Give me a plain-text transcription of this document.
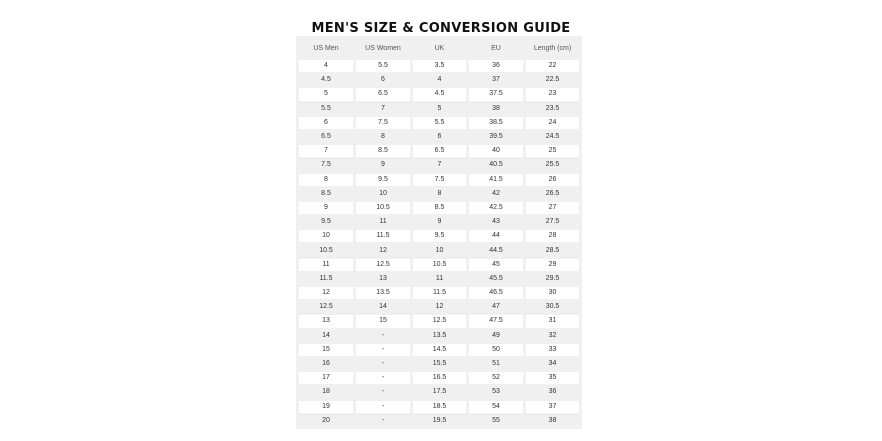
MEN'S SIZE & CONVERSION GUIDE
US Men	US Women	UK	EU	Length (cm)
4	5.5	3.5	36	22
4.5	6	4	37	22.5
5	6.5	4.5	37.5	23
5.5	7	5	38	23.5
6	7.5	5.5	38.5	24
6.5	8	6	39.5	24.5
7	8.5	6.5	40	25
7.5	9	7	40.5	25.5
8	9.5	7.5	41.5	26
8.5	10	8	42	26.5
9	10.5	8.5	42.5	27
9.5	11	9	43	27.5
10	11.5	9.5	44	28
10.5	12	10	44.5	28.5
11	12.5	10.5	45	29
11.5	13	11	45.5	29.5
12	13.5	11.5	46.5	30
12.5	14	12	47	30.5
13	15	12.5	47.5	31
14	-	13.5	49	32
15	-	14.5	50	33
16	-	15.5	51	34
17	-	16.5	52	35
18	-	17.5	53	36
19	-	18.5	54	37
20	-	19.5	55	38
